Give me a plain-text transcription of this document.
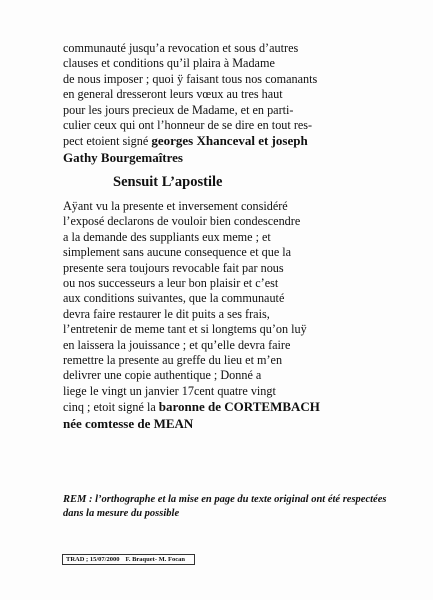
communauté jusqu’a revocation et sous d’autres
clauses et conditions qu’il plaira à Madame
de nous imposer ; quoi ÿ faisant tous nos comanants
en general dresseront leurs vœux au tres haut
pour les jours precieux de Madame, et en parti-
culier ceux qui ont l’honneur de se dire en tout res-
pect etoient signé georges Xhanceval et joseph
Gathy Bourgemaîtres
Sensuit L’apostile
Aÿant vu la presente et inversement considéré
l’exposé declarons de vouloir bien condescendre
a la demande des suppliants eux meme ; et
simplement sans aucune consequence et que la
presente sera toujours revocable fait par nous
ou nos successeurs a leur bon plaisir et c’est
aux conditions suivantes, que la communauté
devra faire restaurer le dit puits a ses frais,
l’entretenir de meme tant et si longtems qu’on luÿ
en laissera la jouissance ; et qu’elle devra faire
remettre la presente au greffe du lieu et m’en
delivrer une copie authentique ; Donné a
liege le vingt un janvier 17cent quatre vingt
cinq ; etoit signé la baronne de CORTEMBACH
née comtesse de MEAN
REM : l’orthographe et la mise en page du texte original ont été respectées
dans la mesure du possible
TRAD ; 15/07/2000 F. Braquet- M. Focan
